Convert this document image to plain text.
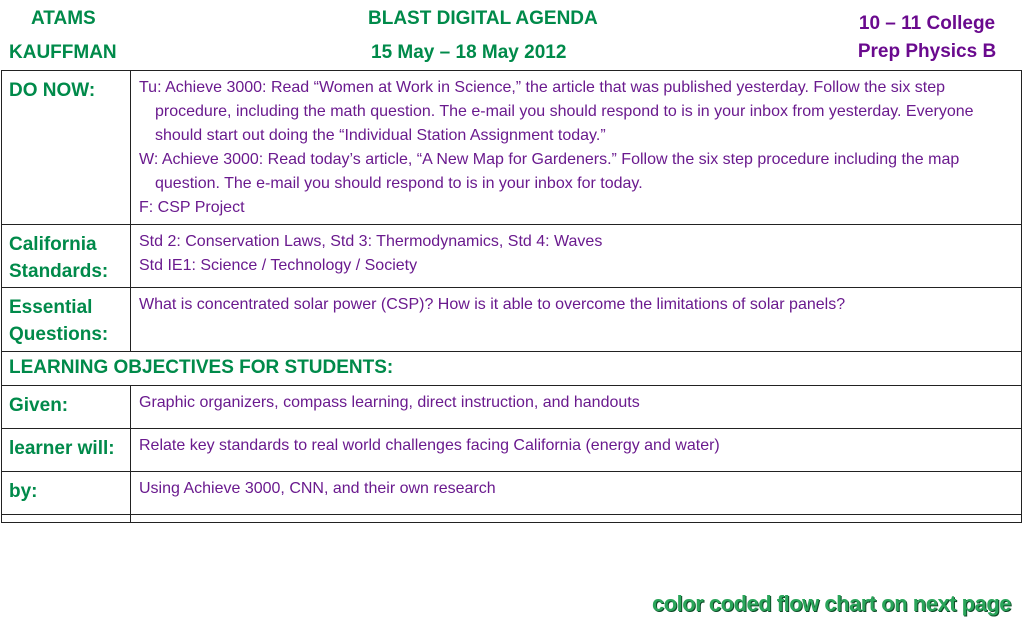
ATAMS
KAUFFMAN
BLAST DIGITAL AGENDA
15 May – 18 May 2012
10 – 11 College
Prep Physics B
DO NOW:	Tu: Achieve 3000: Read “Women at Work in Science,” the article that was published yesterday. Follow the six step procedure, including the math question. The e-mail you should respond to is in your inbox from yesterday. Everyone should start out doing the “Individual Station Assignment today.”
W: Achieve 3000: Read today’s article, “A New Map for Gardeners.” Follow the six step procedure including the map question. The e-mail you should respond to is in your inbox for today.
F: CSP Project

California Standards:	Std 2: Conservation Laws, Std 3: Thermodynamics, Std 4: Waves
Std IE1: Science / Technology / Society

Essential Questions:	What is concentrated solar power (CSP)? How is it able to overcome the limitations of solar panels?
LEARNING OBJECTIVES FOR STUDENTS:	
Given:	Graphic organizers, compass learning, direct instruction, and handouts
learner will:	Relate key standards to real world challenges facing California (energy and water)
by:	Using Achieve 3000, CNN, and their own research

color coded flow chart on next page
